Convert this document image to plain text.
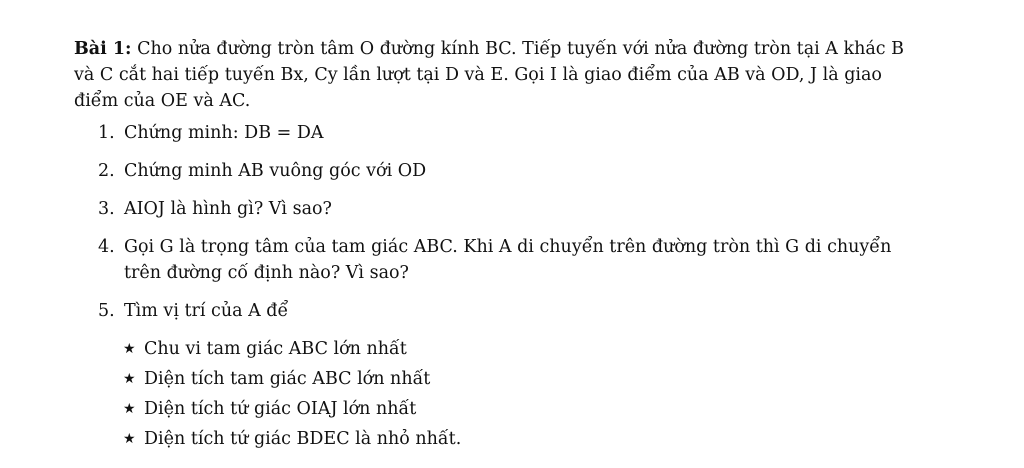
Bài 1: Cho nửa đường tròn tâm O đường kính BC. Tiếp tuyến với nửa đường tròn tại A khác B
và C cắt hai tiếp tuyến Bx, Cy lần lượt tại D và E. Gọi I là giao điểm của AB và OD, J là giao
điểm của OE và AC.

1. Chứng minh: DB = DA
2. Chứng minh AB vuông góc với OD
3. AIOJ là hình gì? Vì sao?
4. Gọi G là trọng tâm của tam giác ABC. Khi A di chuyển trên đường tròn thì G di chuyển
trên đường cố định nào? Vì sao?
5. Tìm vị trí của A để
★ Chu vi tam giác ABC lớn nhất
★ Diện tích tam giác ABC lớn nhất
★ Diện tích tứ giác OIAJ lớn nhất
★ Diện tích tứ giác BDEC là nhỏ nhất.
